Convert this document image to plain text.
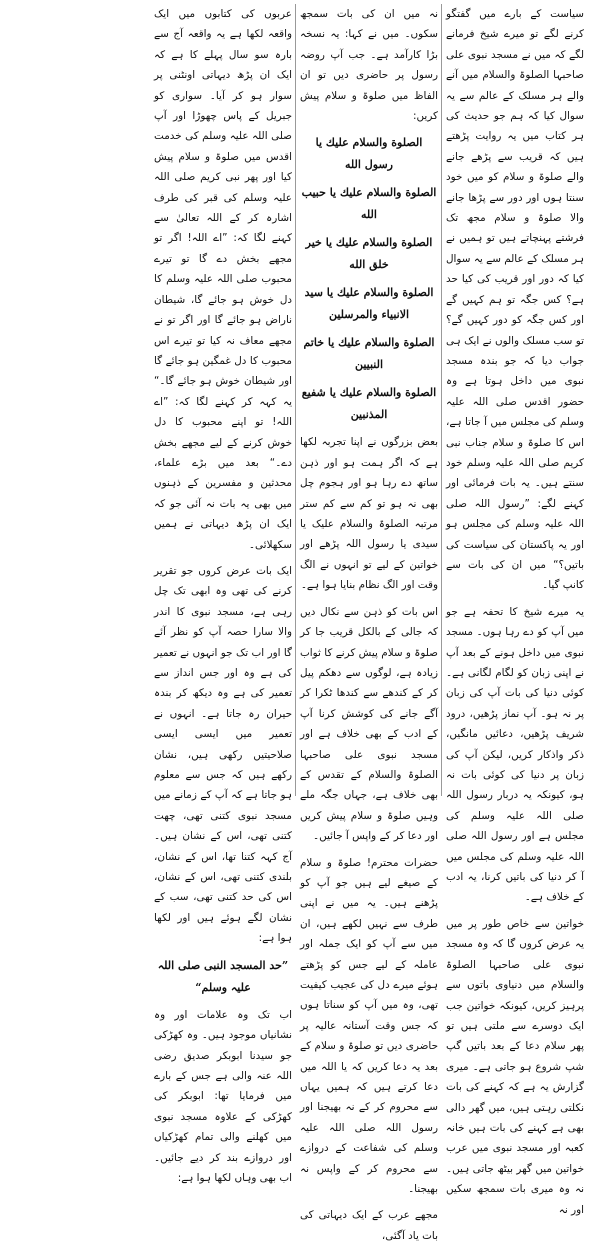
سیاست کے بارے میں گفتگو کرنے لگے تو میرے شیخ فرمانے لگے کہ میں نے مسجد نبوی علی صاحبہا الصلوۃ والسلام میں آنے والے ہر مسلک کے عالم سے یہ سوال کیا کہ ہم جو حدیث کی ہر کتاب میں یہ روایت پڑھتے ہیں کہ قریب سے پڑھے جانے والے صلوۃ و سلام کو میں خود سنتا ہوں اور دور سے پڑھا جانے والا صلوۃ و سلام مجھ تک فرشتے پہنچاتے ہیں تو ہمیں نے ہر مسلک کے عالم سے یہ سوال کیا کہ دور اور قریب کی کیا حد ہے؟ کس جگہ تو ہم کہیں گے اور کس جگہ کو دور کہیں گے؟ تو سب مسلک والوں نے ایک ہی جواب دیا کہ جو بندہ مسجد نبوی میں داخل ہوتا ہے وہ حضور اقدس صلی اللہ علیہ وسلم کی مجلس میں آ جاتا ہے، اس کا صلوۃ و سلام جناب نبی کریم صلی اللہ علیہ وسلم خود سنتے ہیں۔ یہ بات فرمائی اور کہنے لگے: ”رسول اللہ صلی اللہ علیہ وسلم کی مجلس ہو اور یہ پاکستان کی سیاست کی باتیں؟“ میں ان کی بات سے کانپ گیا۔

یہ میرے شیخ کا تحفہ ہے جو میں آپ کو دے رہا ہوں۔ مسجد نبوی میں داخل ہونے کے بعد آپ نے اپنی زبان کو لگام لگانی ہے۔ کوئی دنیا کی بات آپ کی زبان پر نہ ہو۔ آپ نماز پڑھیں، درود شریف پڑھیں، دعائیں مانگیں، ذکر واذکار کریں، لیکن آپ کی زبان پر دنیا کی کوئی بات نہ ہو، کیونکہ یہ دربار رسول اللہ صلی اللہ علیہ وسلم کی مجلس ہے اور رسول اللہ صلی اللہ علیہ وسلم کی مجلس میں آ کر دنیا کی باتیں کرنا، یہ ادب کے خلاف ہے۔

خواتین سے خاص طور پر میں یہ عرض کروں گا کہ وہ مسجد نبوی علی صاحبہا الصلوۃ والسلام میں دنیاوی باتوں سے پرہیز کریں، کیونکہ خواتین جب ایک دوسرے سے ملتی ہیں تو پھر سلام دعا کے بعد باتیں گپ شپ شروع ہو جاتی ہے۔ میری گزارش یہ ہے کہ کہنے کی بات نکلتی رہتی ہیں، میں گھر دالی بھی ہے کہنے کی بات ہیں خانہ کعبہ اور مسجد نبوی میں عرب خواتین میں گھر بیٹھ جاتی ہیں۔ نہ وہ میری بات سمجھ سکیں اور نہ

نہ میں ان کی بات سمجھ سکوں۔ میں نے کہا: یہ نسخہ بڑا کارآمد ہے۔ جب آپ روضہ رسول پر حاضری دیں تو ان الفاظ میں صلوۃ و سلام پیش کریں:

الصلوة والسلام عليك يا رسول الله

الصلوة والسلام عليك يا حبيب الله

الصلوة والسلام عليك يا خير خلق الله

الصلوة والسلام عليك يا سيد الانبياء والمرسلين

الصلوة والسلام عليك يا خاتم النبيين

الصلوة والسلام عليك يا شفيع المذنبين

بعض بزرگوں نے اپنا تجربہ لکھا ہے کہ اگر ہمت ہو اور ذہن ساتھ دے رہا ہو اور ہجوم چل بھی نہ ہو تو کم سے کم ستر مرتبہ الصلوۃ والسلام علیک یا سیدی یا رسول اللہ پڑھے اور خواتین کے لیے تو انہوں نے الگ وقت اور الگ نظام بنایا ہوا ہے۔

اس بات کو ذہن سے نکال دیں کہ جالی کے بالکل قریب جا کر صلوۃ و سلام پیش کرنے کا ثواب زیادہ ہے، لوگوں سے دھکم پیل کر کے کندھے سے کندھا ٹکرا کر آگے جانے کی کوشش کرنا آپ کے ادب کے بھی خلاف ہے اور مسجد نبوی علی صاحبہا الصلوۃ والسلام کے تقدس کے بھی خلاف ہے، جہاں جگہ ملے وہیں صلوۃ و سلام پیش کریں اور دعا کر کے واپس آ جائیں۔

حضرات محترم! صلوۃ و سلام کے صیغے لیے ہیں جو آپ کو پڑھنے ہیں۔ یہ میں نے اپنی طرف سے نہیں لکھے ہیں، ان میں سے آپ کو ایک جملہ اور عاملہ کے لیے جس کو پڑھتے ہوئے میرے دل کی عجیب کیفیت تھی، وہ میں آپ کو سناتا ہوں کہ جس وقت آستانہ عالیہ پر حاضری دیں تو صلوۃ و سلام کے بعد یہ دعا کریں کہ یا اللہ میں دعا کرتے ہیں کہ ہمیں یہاں سے محروم کر کے نہ بھیجنا اور رسول اللہ صلی اللہ علیہ وسلم کی شفاعت کے دروازے سے محروم کر کے واپس نہ بھیجنا۔

مجھے عرب کے ایک دیہاتی کی بات یاد آگئی،

عربوں کی کتابوں میں ایک واقعہ لکھا ہے یہ واقعہ آج سے بارہ سو سال پہلے کا ہے کہ ایک ان پڑھ دیہاتی اونٹنی پر سوار ہو کر آیا۔ سواری کو جبریل کے پاس چھوڑا اور آپ صلی اللہ علیہ وسلم کی خدمت اقدس میں صلوۃ و سلام پیش کیا اور پھر نبی کریم صلی اللہ علیہ وسلم کی قبر کی طرف اشارہ کر کے اللہ تعالیٰ سے کہنے لگا کہ: ”اے اللہ! اگر تو مجھے بخش دے گا تو تیرے محبوب صلی اللہ علیہ وسلم کا دل خوش ہو جائے گا، شیطان ناراض ہو جائے گا اور اگر تو نے مجھے معاف نہ کیا تو تیرے اس محبوب کا دل غمگین ہو جائے گا اور شیطان خوش ہو جائے گا۔“ یہ کہہ کر کہنے لگا کہ: ”اے اللہ! تو اپنے محبوب کا دل خوش کرنے کے لیے مجھے بخش دے۔“ بعد میں بڑے علماء، محدثین و مفسرین کے ذہنوں میں بھی یہ بات نہ آئی جو کہ ایک ان پڑھ دیہاتی نے ہمیں سکھلائی۔

ایک بات عرض کروں جو تقریر کرنے کی تھی وہ ابھی تک چل رہی ہے، مسجد نبوی کا اندر والا سارا حصہ آپ کو نظر آئے گا اور اب تک جو انہوں نے تعمیر کی ہے وہ اور جس انداز سے تعمیر کی ہے وہ دیکھ کر بندہ حیران رہ جاتا ہے۔ انہوں نے تعمیر میں ایسی ایسی صلاحیتیں رکھی ہیں، نشان رکھے ہیں کہ جس سے معلوم ہو جاتا ہے کہ آپ کے زمانے میں مسجد نبوی کتنی تھی، چھت کتنی تھی، اس کے نشان ہیں۔ آج کہہ کتنا تھا، اس کے نشان، بلندی کتنی تھی، اس کے نشان، اس کی حد کتنی تھی، سب کے نشان لگے ہوئے ہیں اور لکھا ہوا ہے:

”حد المسجد النبی صلی اللہ علیہ وسلم“

اب تک وہ علامات اور وہ نشانیاں موجود ہیں۔ وہ کھڑکی جو سیدنا ابوبکر صدیق رضی اللہ عنہ والی ہے جس کے بارے میں فرمایا تھا: ابوبکر کی کھڑکی کے علاوہ مسجد نبوی میں کھلنے والی تمام کھڑکیاں اور دروازے بند کر دیے جائیں۔ اب بھی وہاں لکھا ہوا ہے:
